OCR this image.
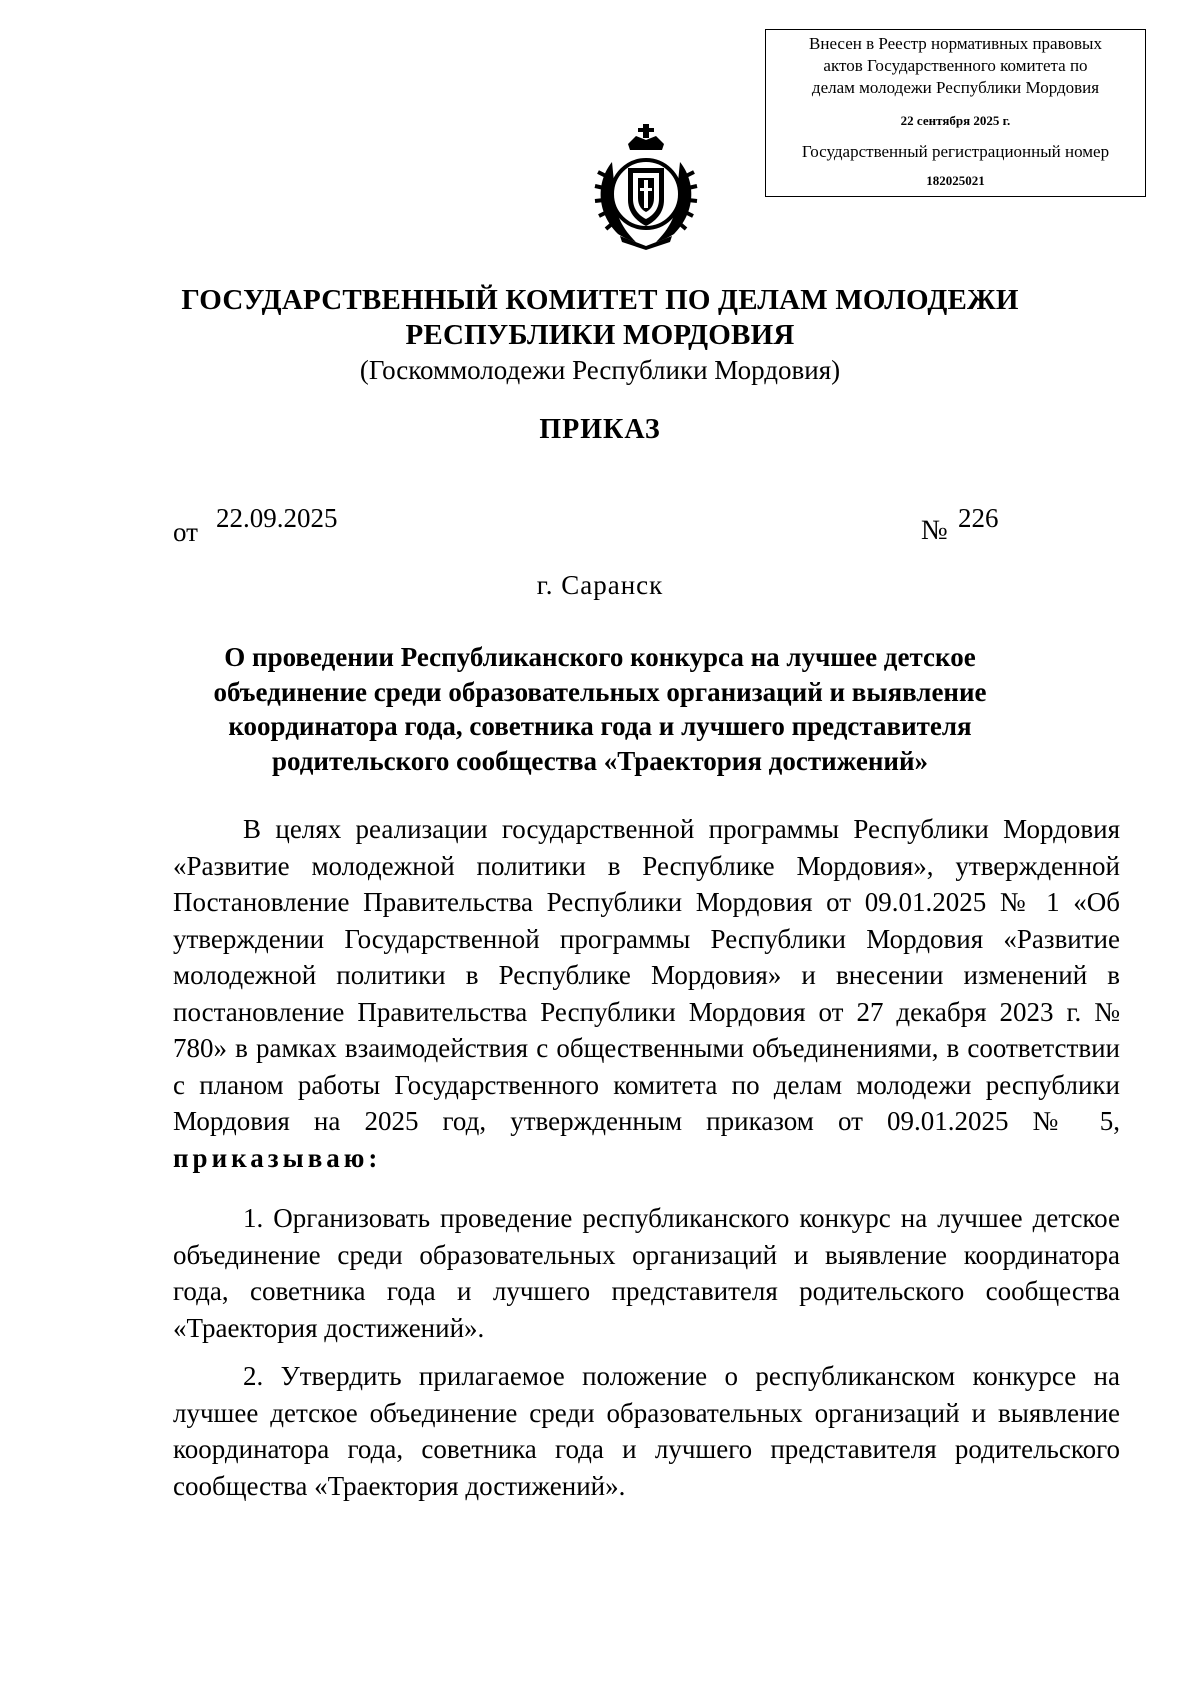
Внесен в Реестр нормативных правовых
актов Государственного комитета по
делам молодежи Республики Мордовия
22 сентября 2025 г.
Государственный регистрационный номер
182025021
ГОСУДАРСТВЕННЫЙ КОМИТЕТ ПО ДЕЛАМ МОЛОДЕЖИ
РЕСПУБЛИКИ МОРДОВИЯ
(Госкоммолодежи Республики Мордовия)
ПРИКАЗ
от 22.09.2025	№ 226
г. Саранск
О проведении Республиканского конкурса на лучшее детское
объединение среди образовательных организаций и выявление
координатора года, советника года и лучшего представителя
родительского сообщества «Траектория достижений»

В целях реализации государственной программы Республики Мордовия «Развитие молодежной политики в Республике Мордовия», утвержденной Постановление Правительства Республики Мордовия от 09.01.2025 № 1 «Об утверждении Государственной программы Республики Мордовия «Развитие молодежной политики в Республике Мордовия» и внесении изменений в постановление Правительства Республики Мордовия от 27 декабря 2023 г. № 780» в рамках взаимодействия с общественными объединениями, в соответствии с планом работы Государственного комитета по делам молодежи республики Мордовия на 2025 год, утвержденным приказом от 09.01.2025 № 5, приказываю:

1. Организовать проведение республиканского конкурс на лучшее детское объединение среди образовательных организаций и выявление координатора года, советника года и лучшего представителя родительского сообщества «Траектория достижений».

2. Утвердить прилагаемое положение о республиканском конкурсе на лучшее детское объединение среди образовательных организаций и выявление координатора года, советника года и лучшего представителя родительского сообщества «Траектория достижений».
